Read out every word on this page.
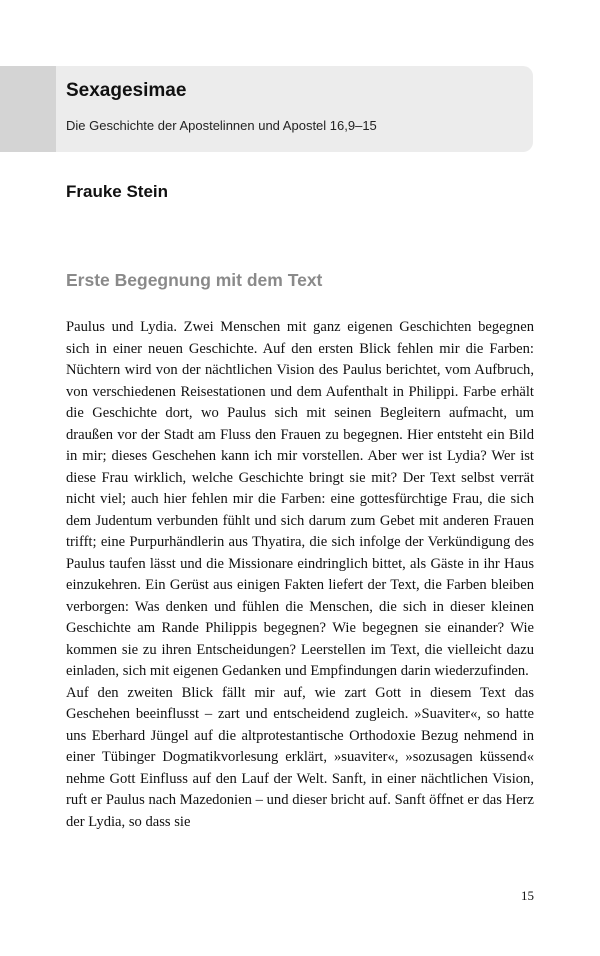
Sexagesimae

Die Geschichte der Apostelinnen und Apostel 16,9–15

Frauke Stein
Erste Begegnung mit dem Text

Paulus und Lydia. Zwei Menschen mit ganz eigenen Geschichten begegnen sich in einer neuen Geschichte. Auf den ersten Blick fehlen mir die Farben: Nüchtern wird von der nächtlichen Vision des Paulus berichtet, vom Aufbruch, von verschiedenen Reisestationen und dem Aufenthalt in Philippi. Farbe erhält die Geschichte dort, wo Paulus sich mit seinen Begleitern aufmacht, um draußen vor der Stadt am Fluss den Frauen zu begegnen. Hier entsteht ein Bild in mir; dieses Geschehen kann ich mir vorstellen. Aber wer ist Lydia? Wer ist diese Frau wirklich, welche Geschichte bringt sie mit? Der Text selbst verrät nicht viel; auch hier fehlen mir die Farben: eine gottesfürchtige Frau, die sich dem Judentum verbunden fühlt und sich darum zum Gebet mit anderen Frauen trifft; eine Purpurhändlerin aus Thyatira, die sich infolge der Verkündigung des Paulus taufen lässt und die Missionare eindringlich bittet, als Gäste in ihr Haus einzukehren. Ein Gerüst aus einigen Fakten liefert der Text, die Farben bleiben verborgen: Was denken und fühlen die Menschen, die sich in dieser kleinen Geschichte am Rande Philippis begegnen? Wie begegnen sie einander? Wie kommen sie zu ihren Entscheidungen? Leerstellen im Text, die vielleicht dazu einladen, sich mit eigenen Gedanken und Empfindungen darin wiederzufinden.

Auf den zweiten Blick fällt mir auf, wie zart Gott in diesem Text das Geschehen beeinflusst – zart und entscheidend zugleich. »Suaviter«, so hatte uns Eberhard Jüngel auf die altprotestantische Orthodoxie Bezug nehmend in einer Tübinger Dogmatikvorlesung erklärt, »suaviter«, »sozusagen küssend« nehme Gott Einfluss auf den Lauf der Welt. Sanft, in einer nächtlichen Vision, ruft er Paulus nach Mazedonien – und dieser bricht auf. Sanft öffnet er das Herz der Lydia, so dass sie

15
